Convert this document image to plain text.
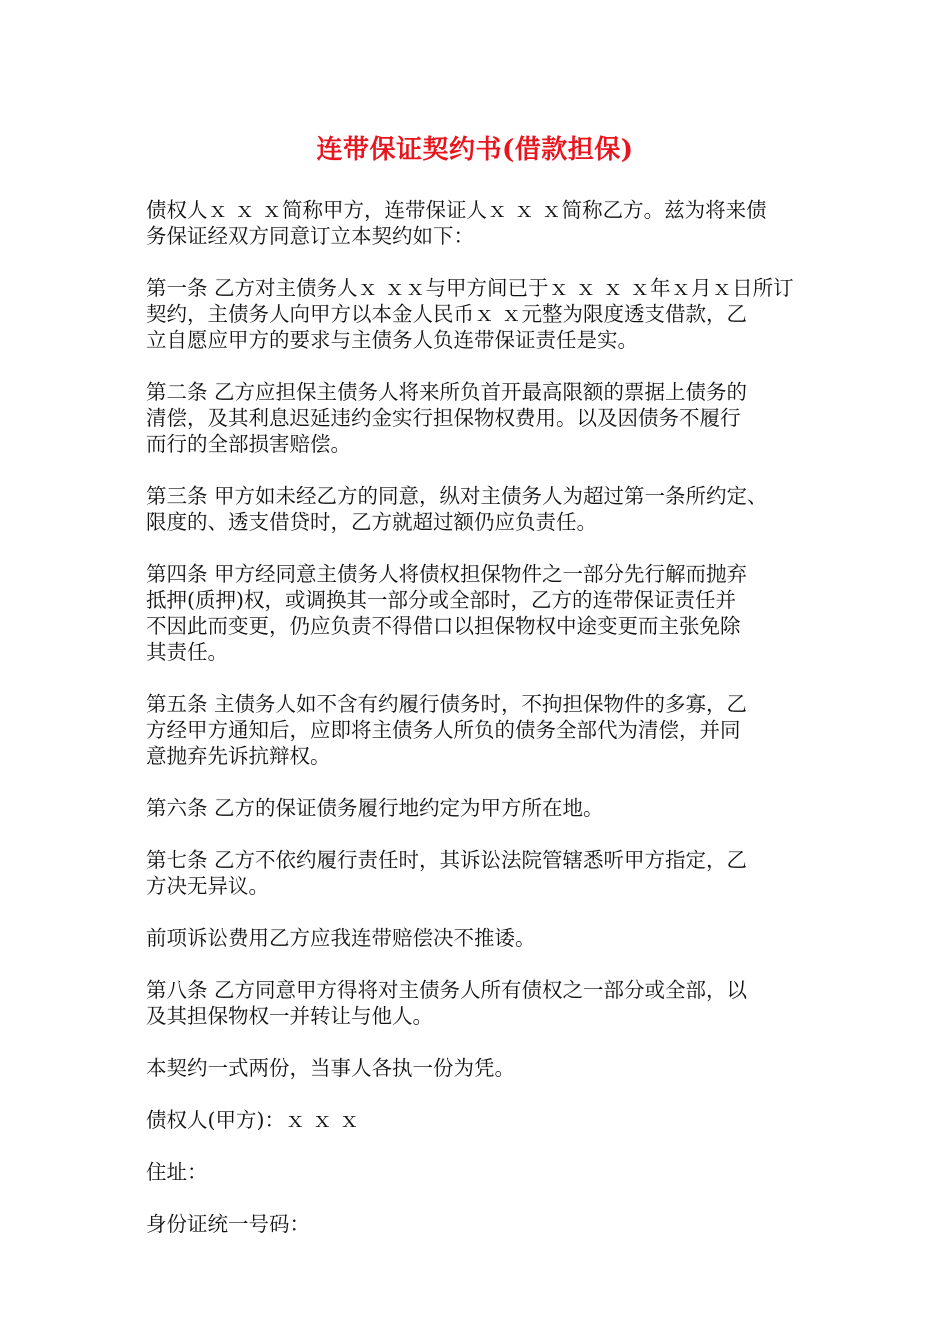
连带保证契约书(借款担保)
债权人ｘ ｘ ｘ简称甲方，连带保证人ｘ ｘ ｘ简称乙方。兹为将来债
务保证经双方同意订立本契约如下：
第一条 乙方对主债务人ｘ ｘｘ与甲方间已于ｘ ｘ ｘ ｘ年ｘ月ｘ日所订
契约，主债务人向甲方以本金人民币ｘ ｘ元整为限度透支借款，乙
立自愿应甲方的要求与主债务人负连带保证责任是实。
第二条 乙方应担保主债务人将来所负首开最高限额的票据上债务的
清偿，及其利息迟延违约金实行担保物权费用。以及因债务不履行
而行的全部损害赔偿。
第三条 甲方如未经乙方的同意，纵对主债务人为超过第一条所约定、
限度的、透支借贷时，乙方就超过额仍应负责任。
第四条 甲方经同意主债务人将债权担保物件之一部分先行解而抛弃
抵押(质押)权，或调换其一部分或全部时，乙方的连带保证责任并
不因此而变更，仍应负责不得借口以担保物权中途变更而主张免除
其责任。
第五条 主债务人如不含有约履行债务时，不拘担保物件的多寡，乙
方经甲方通知后，应即将主债务人所负的债务全部代为清偿，并同
意抛弃先诉抗辩权。
第六条 乙方的保证债务履行地约定为甲方所在地。
第七条 乙方不依约履行责任时，其诉讼法院管辖悉听甲方指定，乙
方决无异议。
前项诉讼费用乙方应我连带赔偿决不推诿。
第八条 乙方同意甲方得将对主债务人所有债权之一部分或全部，以
及其担保物权一并转让与他人。
本契约一式两份，当事人各执一份为凭。
债权人(甲方)：ｘ ｘ ｘ
住址：
身份证统一号码：
